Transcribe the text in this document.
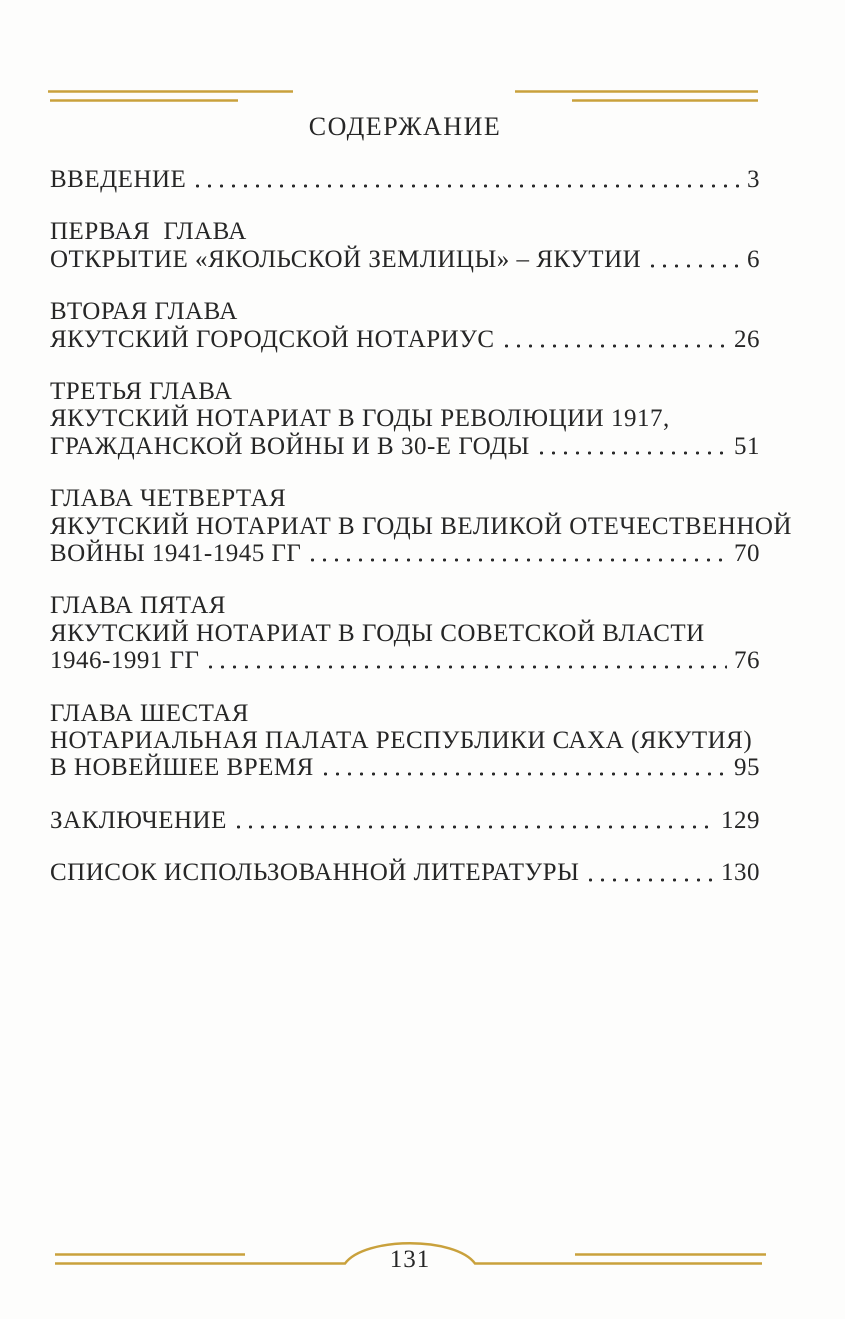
СОДЕРЖАНИЕ
ВВЕДЕНИЕ	3
ПЕРВАЯ  ГЛАВА
ОТКРЫТИЕ «ЯКОЛЬСКОЙ ЗЕМЛИЦЫ» – ЯКУТИИ	6
ВТОРАЯ ГЛАВА
ЯКУТСКИЙ ГОРОДСКОЙ НОТАРИУС	26
ТРЕТЬЯ ГЛАВА
ЯКУТСКИЙ НОТАРИАТ В ГОДЫ РЕВОЛЮЦИИ 1917,
ГРАЖДАНСКОЙ ВОЙНЫ И В 30-Е ГОДЫ	51
ГЛАВА ЧЕТВЕРТАЯ
ЯКУТСКИЙ НОТАРИАТ В ГОДЫ ВЕЛИКОЙ ОТЕЧЕСТВЕННОЙ
ВОЙНЫ 1941-1945 ГГ	70
ГЛАВА ПЯТАЯ
ЯКУТСКИЙ НОТАРИАТ В ГОДЫ СОВЕТСКОЙ ВЛАСТИ
1946-1991 ГГ	76
ГЛАВА ШЕСТАЯ
НОТАРИАЛЬНАЯ ПАЛАТА РЕСПУБЛИКИ САХА (ЯКУТИЯ)
В НОВЕЙШЕЕ ВРЕМЯ	95
ЗАКЛЮЧЕНИЕ	129
СПИСОК ИСПОЛЬЗОВАННОЙ ЛИТЕРАТУРЫ	130
131
